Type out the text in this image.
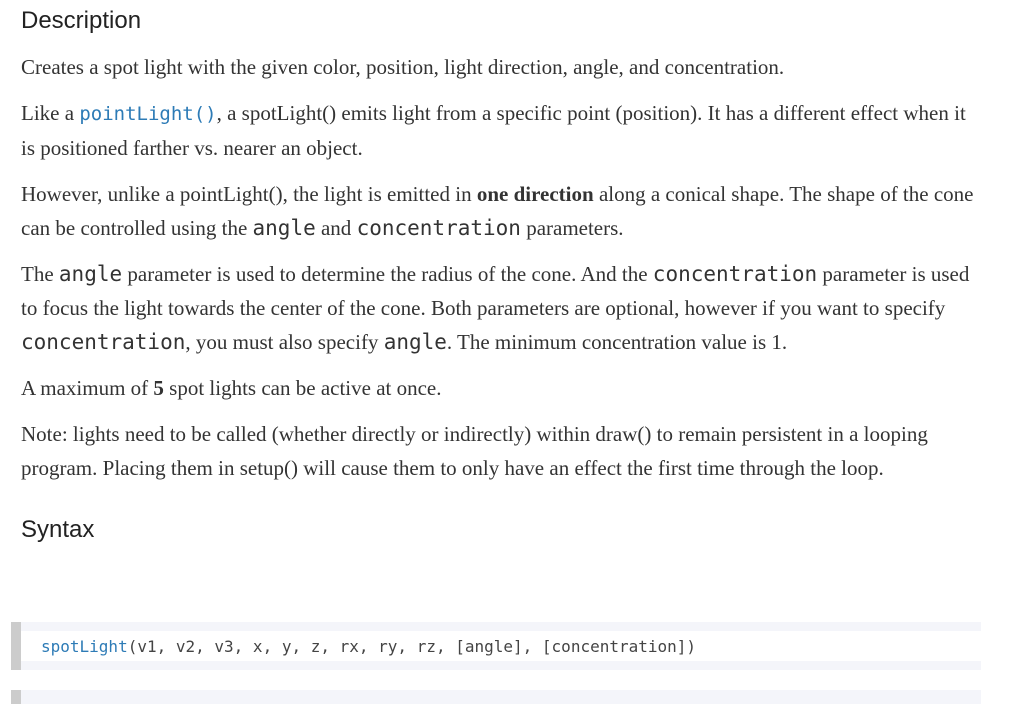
Description

Creates a spot light with the given color, position, light direction, angle, and concentration.

Like a pointLight(), a spotLight() emits light from a specific point (position). It has a different effect when it is positioned farther vs. nearer an object.

However, unlike a pointLight(), the light is emitted in one direction along a conical shape. The shape of the cone can be controlled using the angle and concentration parameters.

The angle parameter is used to determine the radius of the cone. And the concentration parameter is used to focus the light towards the center of the cone. Both parameters are optional, however if you want to specify concentration, you must also specify angle. The minimum concentration value is 1.

A maximum of 5 spot lights can be active at once.

Note: lights need to be called (whether directly or indirectly) within draw() to remain persistent in a looping program. Placing them in setup() will cause them to only have an effect the first time through the loop.

Syntax
spotLight(v1, v2, v3, x, y, z, rx, ry, rz, [angle], [concentration])
